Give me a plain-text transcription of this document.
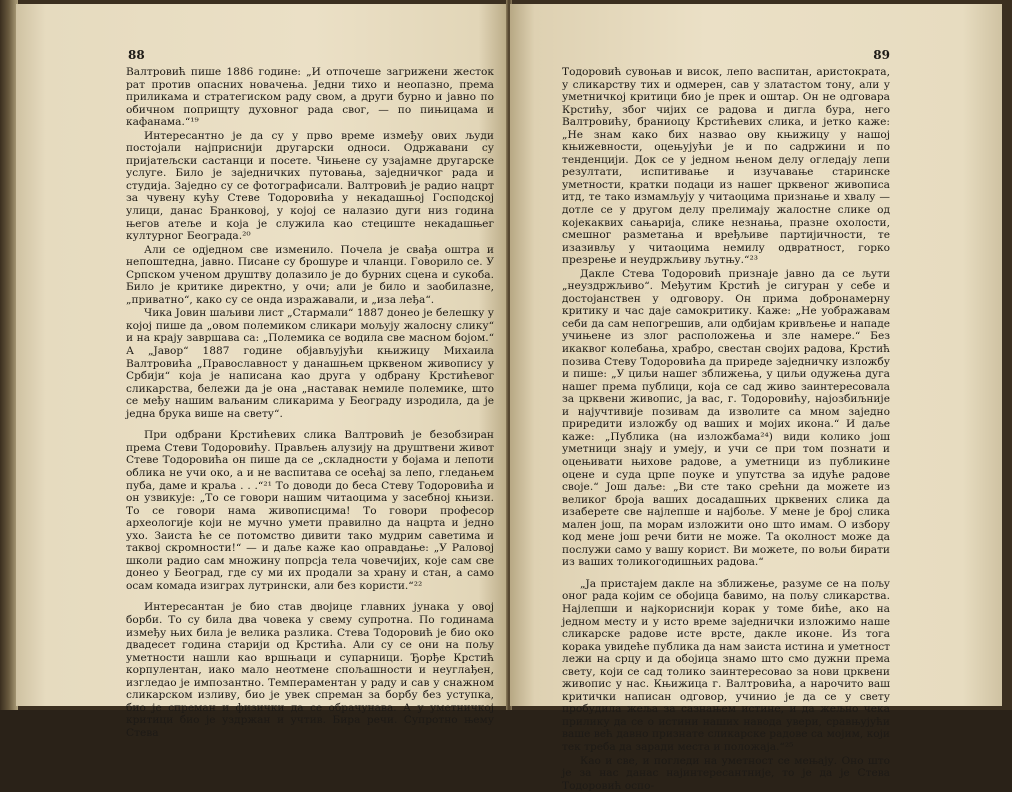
88

Валтровић пише 1886 године: „И отпочеше загрижени жесток рат против опасних новачења. Једни тихо и неопазно, према приликама и стратегиском раду свом, а други бурно и јавно по обичном поприщту духовног рада свог, — по пињицама и кафанама.“¹⁹

Интересантно је да су у прво време између ових људи постојали најприснији другарски односи. Одржавани су пријатељски састанци и посете. Чињене су узајамне другарске услуге. Било је заједничких путовања, заједничког рада и студија. Заједно су се фотографисали. Валтровић је радио нацрт за чувену кућу Стеве Тодоровића у некадашњој Господској улици, данас Бранковој, у којој се налазио дуги низ година његов атеље и која је служила као стециште некадашњег културног Београда.²⁰

Али се одједном све изменило. Почела је свађа оштра и непоштедна, јавно. Писане су брошуре и чланци. Говорило се. У Српском ученом друштву долазило је до бурних сцена и сукоба. Било је критике директно, у очи; али је било и заобилазне, „приватно“, како су се онда изражавали, и „иза леђа“.

Чика Јовин шаљиви лист „Стармали“ 1887 донео је белешку у којој пише да „овом полемиком сликари мољују жалосну слику“ и на крају завршава са: „Полемика се водила све масном бојом.“ А „Јавор“ 1887 године објављујући књижицу Михаила Валтровића „Православност у данашњем црквеном живопису у Србији“ која је написана као друга у одбрану Крстићевог сликарства, бележи да је она „наставак немиле полемике, што се међу нашим ваљаним сликарима у Београду изродила, да је једна брука више на свету“.

При одбрани Крстићевих слика Валтровић је безобзиран према Стеви Тодоровићу. Прављењ алузију на друштвени живот Стеве Тодоровића он пише да се „складности у бојама и лепоти облика не учи око, а и не васпитава се осећај за лепо, гледањем пуба, даме и краља . . .“²¹ То доводи до беса Стеву Тодоровића и он узвикује: „То се говори нашим читаоцима у засебној књизи. То се говори нама живописцима! То говори професор археологије који не мучно умети правилно да нацрта и једно ухо. Заиста ће се потомство дивити тако мудрим саветима и таквој скромности!“ — и даље каже као оправдање: „У Раловој школи радио сам множину попрсја тела човечијих, које сам све донео у Београд, где су ми их продали за храну и стан, а само осам комада изиграх лутрински, али без користи.“²²

Интересантан је био став двојице главних јунака у овој борби. То су била два човека у свему супротна. По годинама између њих била је велика разлика. Стева Тодоровић је био око двадесет година старији од Крстића. Али су се они на пољу уметности нашли као вршњаци и супарници. Ђорђе Крстић корпулентан, иако мало неотмене спољашности и неуглађен, изгледао је импозантно. Темпераментан у раду и сав у снажном сликарском изливу, био је увек спреман за борбу без уступка, био је спреман и физички да се обрачунава. А у уметничкој критици био је уздржан и учтив. Бира речи. Супротно њему Стева

89

Тодоровић сувоњав и висок, лепо васпитан, аристократа, у сликарству тих и одмерен, сав у златастом тону, али у уметничкој критици био је прек и оштар. Он не одговара Крстићу, због чијих се радова и дигла бура, него Валтровићу, браниоцу Крстићевих слика, и јетко каже: „Не знам како бих назвао ову књижицу у нашој књижевности, оцењујући је и по садржини и по тенденцији. Док се у једном њеном делу огледају лепи резултати, испитивање и изучавање старинске уметности, кратки подаци из нашег црквеног живописа итд, те тако измамљују у читаоцима признање и хвалу — дотле се у другом делу прелимају жалостне слике од којекаквих сањарија, слике незнања, празне охолости, смешног разметања и вређљиве партијичности, те изазивљу у читаоцима немилу одвратност, горко презрење и неудржљиву љутњу.“²³

Дакле Стева Тодоровић признаје јавно да се љути „неуздржљиво“. Међутим Крстић је сигуран у себе и достојанствен у одговору. Он прима добронамерну критику и час даје самокритику. Каже: „Не уображавам себи да сам непогрешив, али одбијам кривљење и нападе учињене из злог расположења и зле намере.“ Без икаквог колебања, храбро, свестан својих радова, Крстић позива Стеву Тодоровића да приреде заједничку изложбу и пише: „У циљи нашег зближења, у циљи одужења дуга нашег према публици, која се сад живо заинтересовала за црквени живопис, ја вас, г. Тодоровићу, најозбиљније и најучтивије позивам да изволите са мном заједно приредити изложбу од ваших и мојих икона.“ И даље каже: „Публика (на изложбама²⁴) види колико још уметници знају и умеју, и учи се при том познати и оцењивати њихове радове, а уметници из публикине оцене и суда црпе поуке и упутства за идуће радове своје.“ Још даље: „Ви сте тако срећни да можете из великог броја ваших досадашњих црквених слика да изаберете све најлепше и најбоље. У мене је број слика мален још, па морам изложити оно што имам. О избору код мене још речи бити не може. Та околност може да послужи само у вашу корист. Ви можете, по вољи бирати из ваших толикогодишњих радова.“

„Ја пристајем дакле на зближење, разуме се на пољу оног рада којим се обојица бавимо, на пољу сликарства. Најлепши и најкориснији корак у томе биће, ако на једном месту и у исто време заједнички изложимо наше сликарске радове исте врсте, дакле иконе. Из тога корака увидеће публика да нам заиста истина и уметност лежи на срцу и да обојица знамо што смо дужни према свету, који се сад толико заинтересовао за нови црквени живопис у нас. Књижица г. Валтровића, а нарочито ваш критички написан одговор, учинио је да се у свету пробудила жеља за сазнањем истине, и да жељно чека прилику да се о истини наших навода увери, сравњујући ваше већ давно признате сликарске радове са мојим, који тек треба да заради места и положаја.“²⁵

Као и све, и погледи на уметност се мењају. Оно што је за нас данас најинтересантније, то је да је Стева Тодоровић оспо-
